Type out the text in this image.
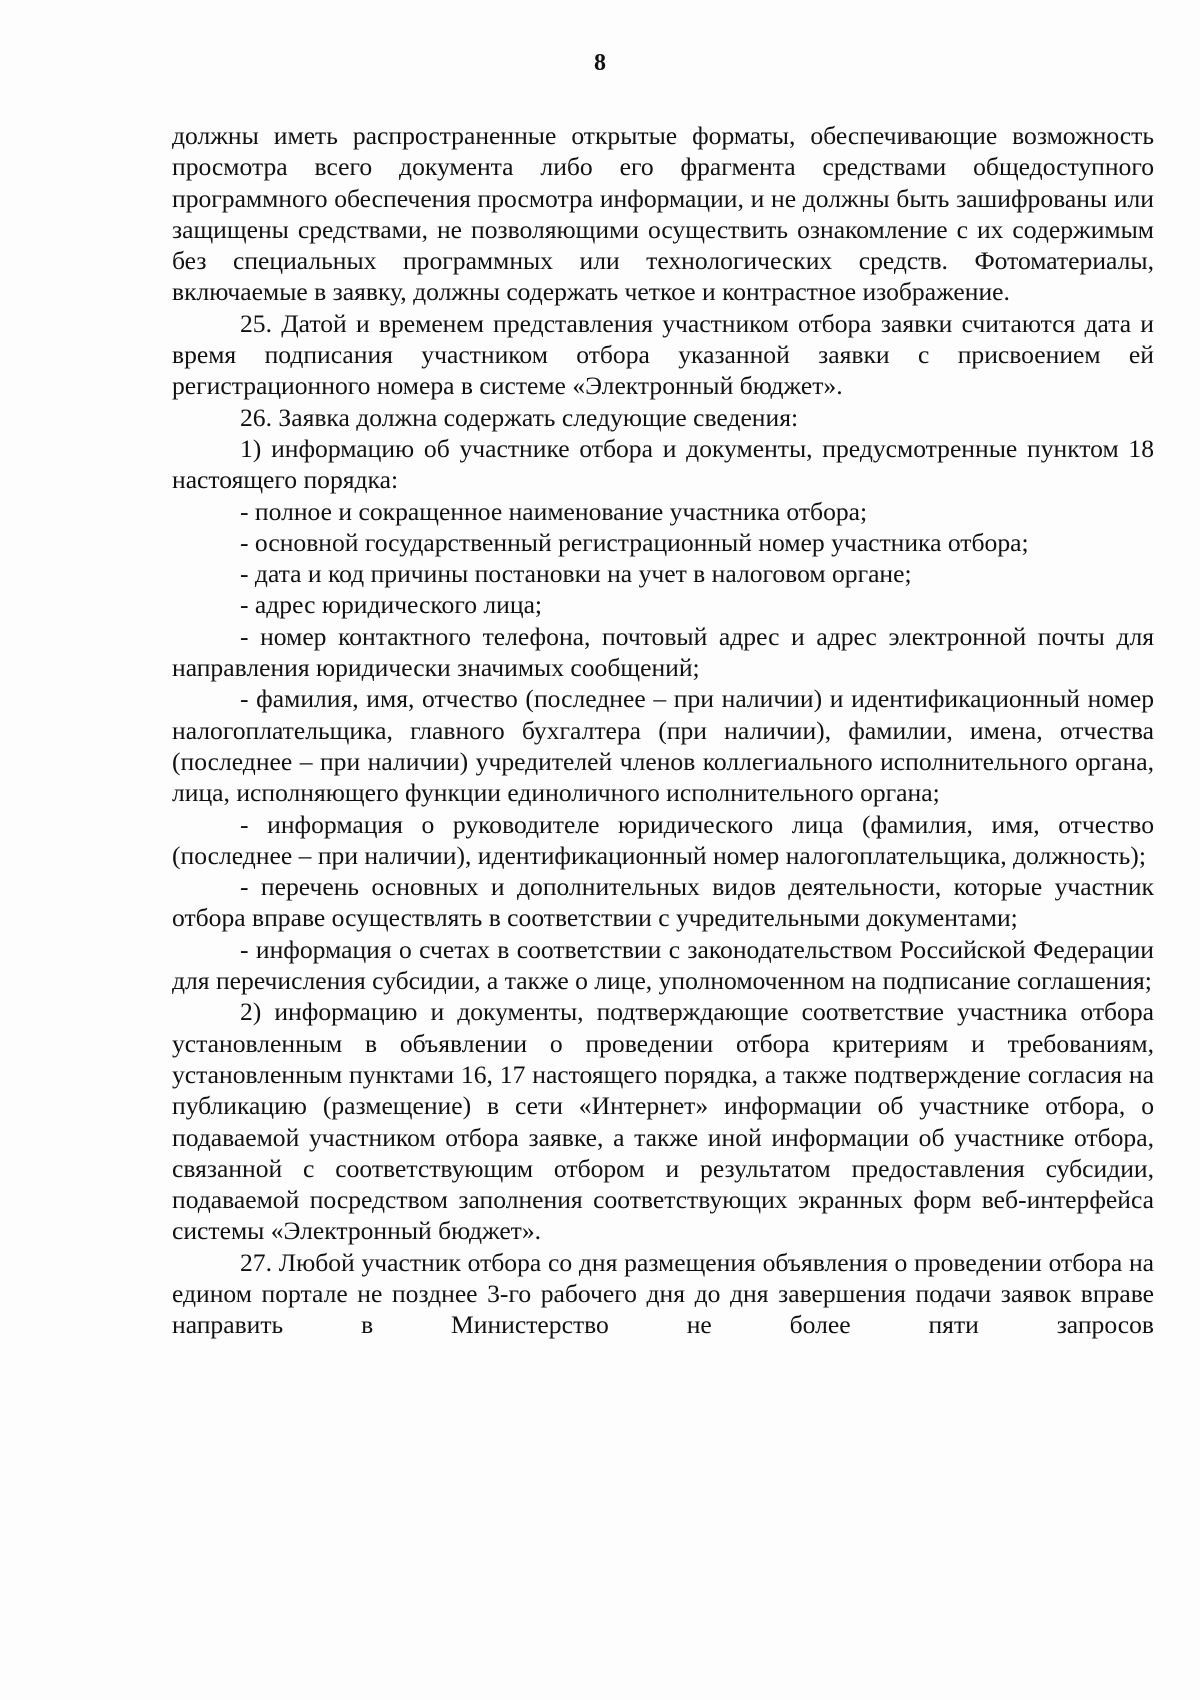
8

должны иметь распространенные открытые форматы, обеспечивающие возможность просмотра всего документа либо его фрагмента средствами общедоступного программного обеспечения просмотра информации, и не должны быть зашифрованы или защищены средствами, не позволяющими осуществить ознакомление с их содержимым без специальных программных или технологических средств. Фотоматериалы, включаемые в заявку, должны содержать четкое и контрастное изображение.

25. Датой и временем представления участником отбора заявки считаются дата и время подписания участником отбора указанной заявки с присвоением ей регистрационного номера в системе «Электронный бюджет».

26. Заявка должна содержать следующие сведения:

1) информацию об участнике отбора и документы, предусмотренные пунктом 18 настоящего порядка:

- полное и сокращенное наименование участника отбора;

- основной государственный регистрационный номер участника отбора;

- дата и код причины постановки на учет в налоговом органе;

- адрес юридического лица;

- номер контактного телефона, почтовый адрес и адрес электронной почты для направления юридически значимых сообщений;

- фамилия, имя, отчество (последнее – при наличии) и идентификационный номер налогоплательщика, главного бухгалтера (при наличии), фамилии, имена, отчества (последнее – при наличии) учредителей членов коллегиального исполнительного органа, лица, исполняющего функции единоличного исполнительного органа;

- информация о руководителе юридического лица (фамилия, имя, отчество (последнее – при наличии), идентификационный номер налогоплательщика, должность);

- перечень основных и дополнительных видов деятельности, которые участник отбора вправе осуществлять в соответствии с учредительными документами;

- информация о счетах в соответствии с законодательством Российской Федерации для перечисления субсидии, а также о лице, уполномоченном на подписание соглашения;

2) информацию и документы, подтверждающие соответствие участника отбора установленным в объявлении о проведении отбора критериям и требованиям, установленным пунктами 16, 17 настоящего порядка, а также подтверждение согласия на публикацию (размещение) в сети «Интернет» информации об участнике отбора, о подаваемой участником отбора заявке, а также иной информации об участнике отбора, связанной с соответствующим отбором и результатом предоставления субсидии, подаваемой посредством заполнения соответствующих экранных форм веб-интерфейса системы «Электронный бюджет».

27. Любой участник отбора со дня размещения объявления о проведении отбора на едином портале не позднее 3-го рабочего дня до дня завершения подачи заявок вправе направить в Министерство не более пяти запросов
